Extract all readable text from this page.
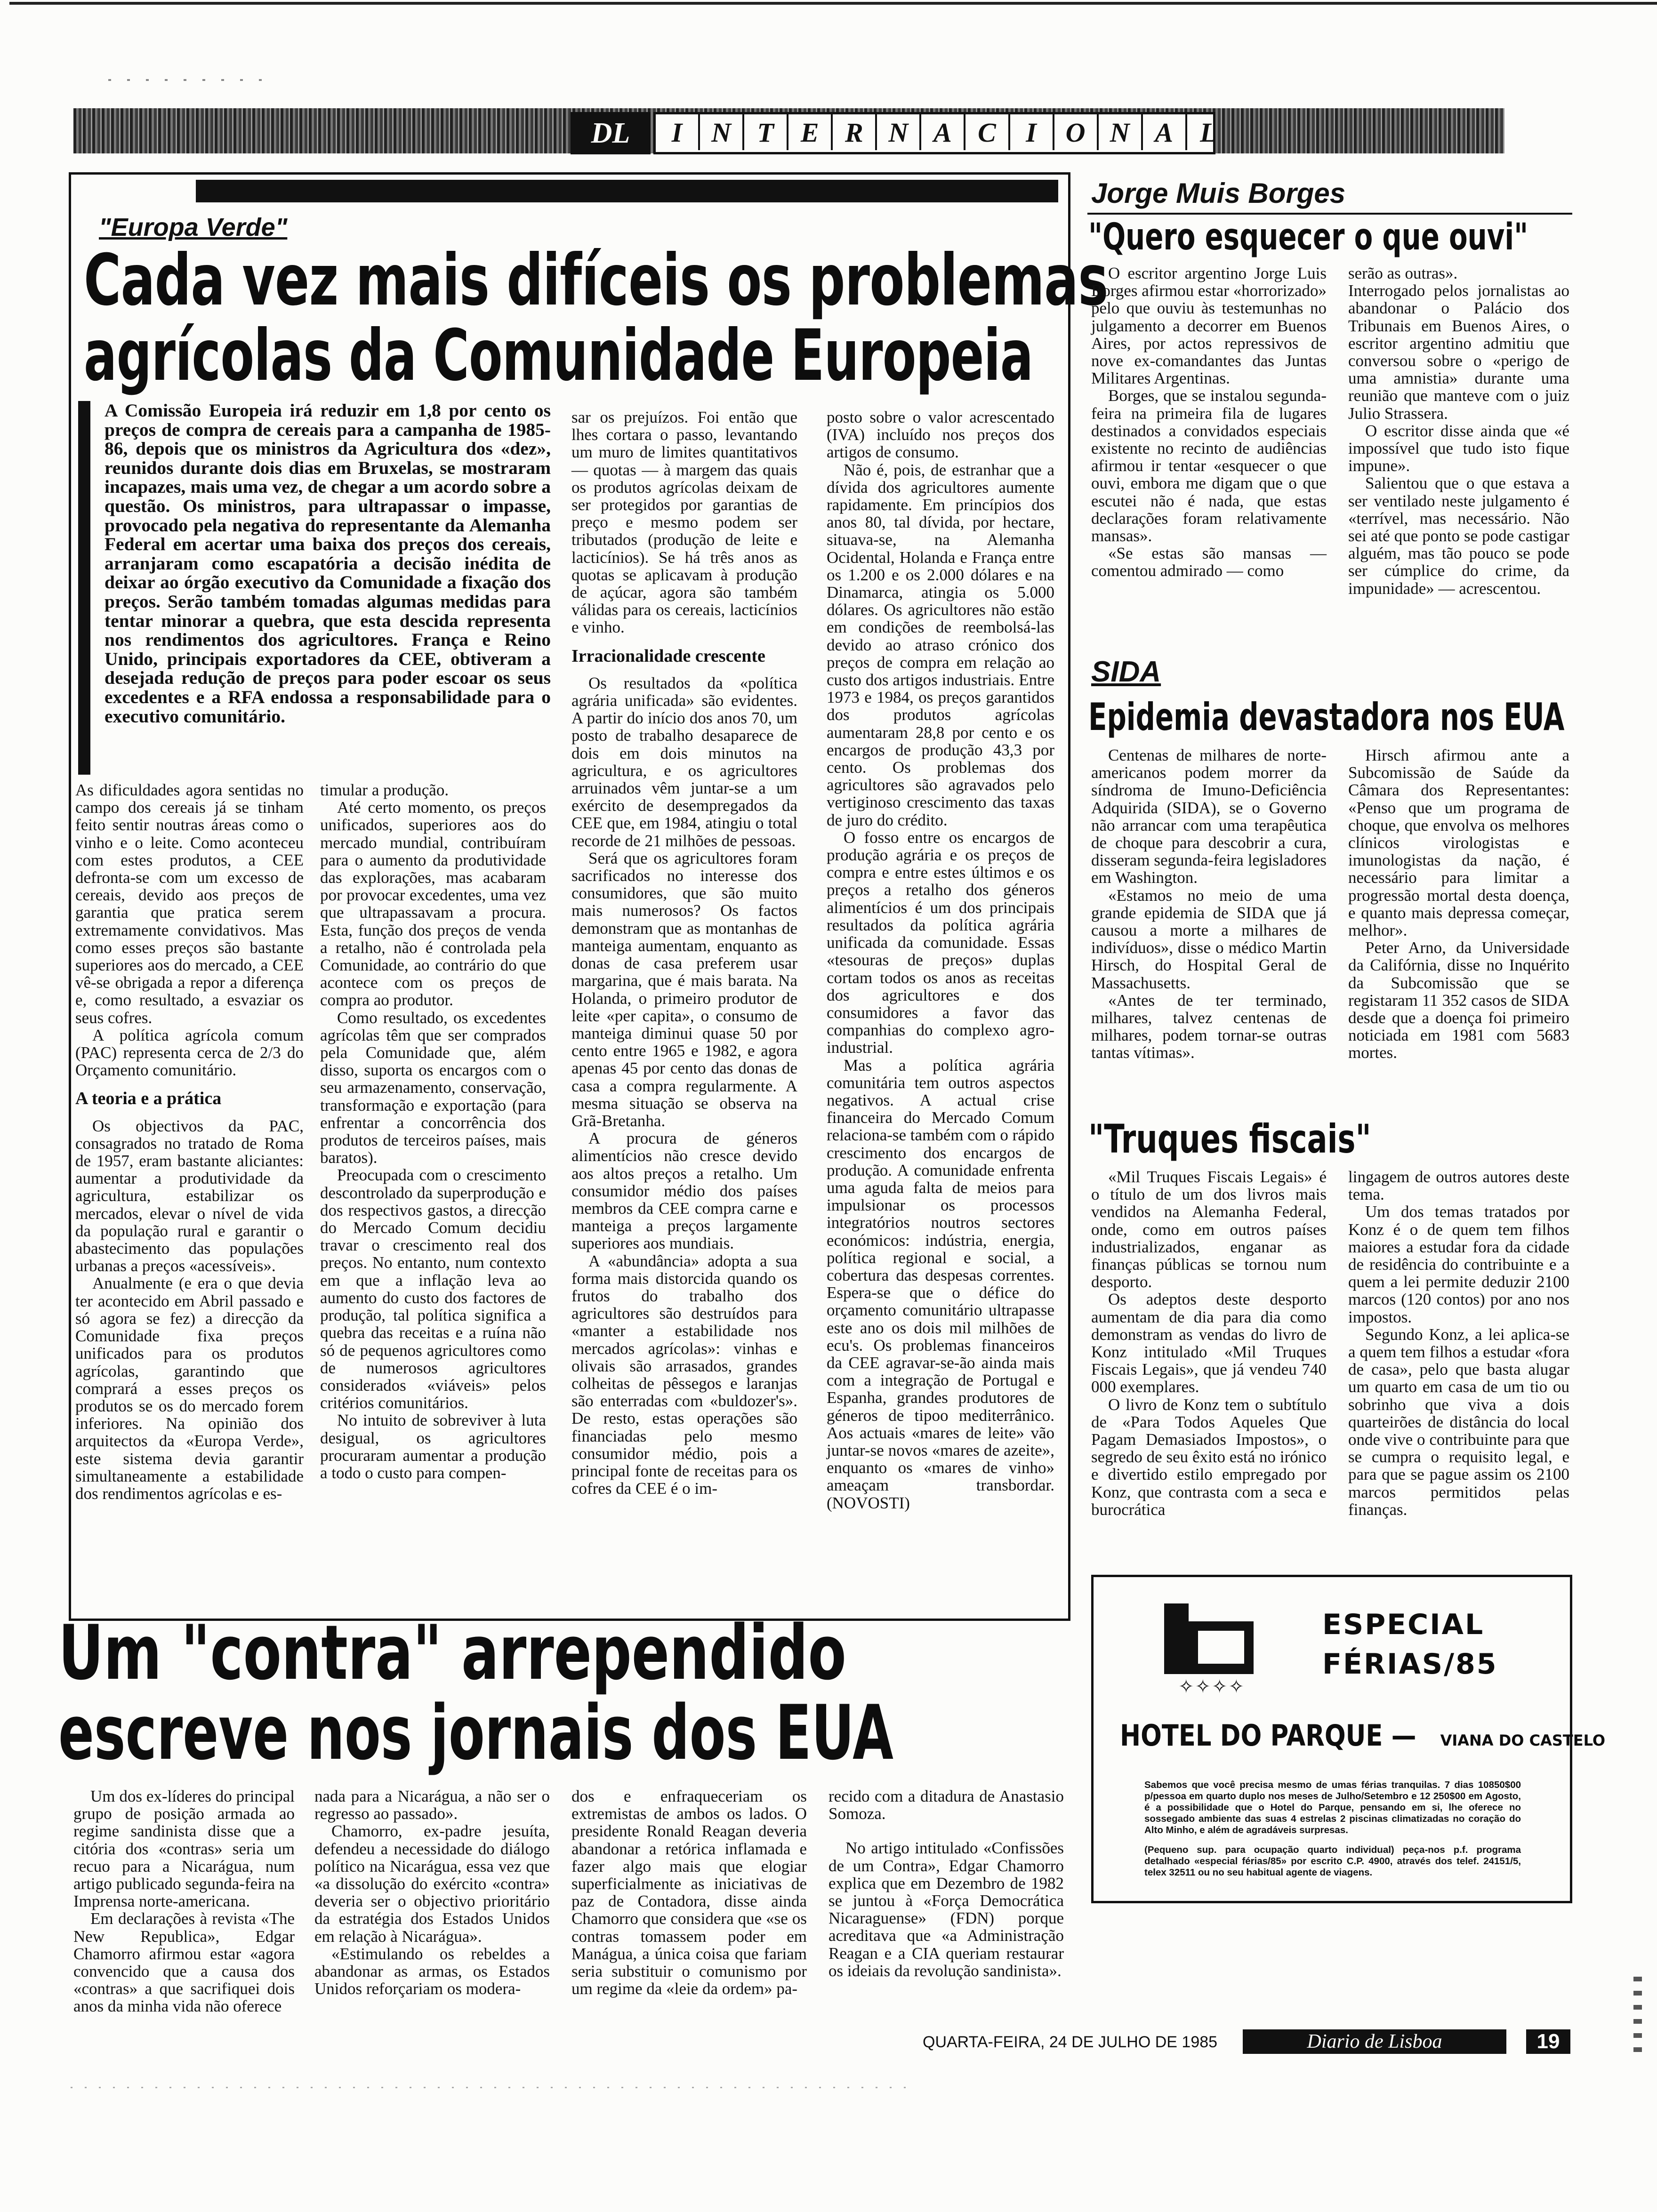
DL	I	N T E R N A C	I	O N A L
"Europa Verde"
Cada vez mais difíceis os problemas
agrícolas da Comunidade Europeia
A Comissão Europeia irá reduzir em 1,8 por cento os preços de compra de cereais para a campanha de 1985-86, depois que os ministros da Agricultura dos «dez», reunidos durante dois dias em Bruxelas, se mostraram incapazes, mais uma vez, de chegar a um acordo sobre a questão. Os ministros, para ultrapassar o impasse, provocado pela negativa do representante da Alemanha Federal em acertar uma baixa dos preços dos cereais, arranjaram como escapatória a decisão inédita de deixar ao órgão executivo da Comunidade a fixação dos preços. Serão também tomadas algumas medidas para tentar minorar a quebra, que esta descida representa nos rendimentos dos agricultores. França e Reino Unido, principais exportadores da CEE, obtiveram a desejada redução de preços para poder escoar os seus excedentes e a RFA endossa a responsabilidade para o executivo comunitário.

As dificuldades agora sentidas no campo dos cereais já se tinham feito sentir noutras áreas como o vinho e o leite. Como aconteceu com estes produtos, a CEE defronta-se com um excesso de cereais, devido aos preços de garantia que pratica serem extremamente convidativos. Mas como esses preços são bastante superiores aos do mercado, a CEE vê-se obrigada a repor a diferença e, como resultado, a esvaziar os seus cofres.

A política agrícola comum (PAC) representa cerca de 2/3 do Orçamento comunitário.

A teoria e a prática

Os objectivos da PAC, consagrados no tratado de Roma de 1957, eram bastante aliciantes: aumentar a produtividade da agricultura, estabilizar os mercados, elevar o nível de vida da população rural e garantir o abastecimento das populações urbanas a preços «acessíveis».

Anualmente (e era o que devia ter acontecido em Abril passado e só agora se fez) a direcção da Comunidade fixa preços unificados para os produtos agrícolas, garantindo que comprará a esses preços os produtos se os do mercado forem inferiores. Na opinião dos arquitectos da «Europa Verde», este sistema devia garantir simultaneamente a estabilidade dos rendimentos agrícolas e es-

timular a produção.

Até certo momento, os preços unificados, superiores aos do mercado mundial, contribuíram para o aumento da produtividade das explorações, mas acabaram por provocar excedentes, uma vez que ultrapassavam a procura. Esta, função dos preços de venda a retalho, não é controlada pela Comunidade, ao contrário do que acontece com os preços de compra ao produtor.

Como resultado, os excedentes agrícolas têm que ser comprados pela Comunidade que, além disso, suporta os encargos com o seu armazenamento, conservação, transformação e exportação (para enfrentar a concorrência dos produtos de terceiros países, mais baratos).

Preocupada com o crescimento descontrolado da superprodução e dos respectivos gastos, a direcção do Mercado Comum decidiu travar o crescimento real dos preços. No entanto, num contexto em que a inflação leva ao aumento do custo dos factores de produção, tal política significa a quebra das receitas e a ruína não só de pequenos agricultores como de numerosos agricultores considerados «viáveis» pelos critérios comunitários.

No intuito de sobreviver à luta desigual, os agricultores procuraram aumentar a produção a todo o custo para compen-

sar os prejuízos. Foi então que lhes cortara o passo, levantando um muro de limites quantitativos — quotas — à margem das quais os produtos agrícolas deixam de ser protegidos por garantias de preço e mesmo podem ser tributados (produção de leite e lacticínios). Se há três anos as quotas se aplicavam à produção de açúcar, agora são também válidas para os cereais, lacticínios e vinho.

Irracionalidade crescente

Os resultados da «política agrária unificada» são evidentes. A partir do início dos anos 70, um posto de trabalho desaparece de dois em dois minutos na agricultura, e os agricultores arruinados vêm juntar-se a um exército de desempregados da CEE que, em 1984, atingiu o total recorde de 21 milhões de pessoas.

Será que os agricultores foram sacrificados no interesse dos consumidores, que são muito mais numerosos? Os factos demonstram que as montanhas de manteiga aumentam, enquanto as donas de casa preferem usar margarina, que é mais barata. Na Holanda, o primeiro produtor de leite «per capita», o consumo de manteiga diminui quase 50 por cento entre 1965 e 1982, e agora apenas 45 por cento das donas de casa a compra regularmente. A mesma situação se observa na Grã-Bretanha.

A procura de géneros alimentícios não cresce devido aos altos preços a retalho. Um consumidor médio dos países membros da CEE compra carne e manteiga a preços largamente superiores aos mundiais.

A «abundância» adopta a sua forma mais distorcida quando os frutos do trabalho dos agricultores são destruídos para «manter a estabilidade nos mercados agrícolas»: vinhas e olivais são arrasados, grandes colheitas de pêssegos e laranjas são enterradas com «buldozer's». De resto, estas operações são financiadas pelo mesmo consumidor médio, pois a principal fonte de receitas para os cofres da CEE é o im-

posto sobre o valor acrescentado (IVA) incluído nos preços dos artigos de consumo.

Não é, pois, de estranhar que a dívida dos agricultores aumente rapidamente. Em princípios dos anos 80, tal dívida, por hectare, situava-se, na Alemanha Ocidental, Holanda e França entre os 1.200 e os 2.000 dólares e na Dinamarca, atingia os 5.000 dólares. Os agricultores não estão em condições de reembolsá-las devido ao atraso crónico dos preços de compra em relação ao custo dos artigos industriais. Entre 1973 e 1984, os preços garantidos dos produtos agrícolas aumentaram 28,8 por cento e os encargos de produção 43,3 por cento. Os problemas dos agricultores são agravados pelo vertiginoso crescimento das taxas de juro do crédito.

O fosso entre os encargos de produção agrária e os preços de compra e entre estes últimos e os preços a retalho dos géneros alimentícios é um dos principais resultados da política agrária unificada da comunidade. Essas «tesouras de preços» duplas cortam todos os anos as receitas dos agricultores e dos consumidores a favor das companhias do complexo agro-industrial.

Mas a política agrária comunitária tem outros aspectos negativos. A actual crise financeira do Mercado Comum relaciona-se também com o rápido crescimento dos encargos de produção. A comunidade enfrenta uma aguda falta de meios para impulsionar os processos integratórios noutros sectores económicos: indústria, energia, política regional e social, a cobertura das despesas correntes. Espera-se que o défice do orçamento comunitário ultrapasse este ano os dois mil milhões de ecu's. Os problemas financeiros da CEE agravar-se-ão ainda mais com a integração de Portugal e Espanha, grandes produtores de géneros de tipoo mediterrânico. Aos actuais «mares de leite» vão juntar-se novos «mares de azeite», enquanto os «mares de vinho» ameaçam transbordar. (NOVOSTI)

Jorge Muis Borges
"Quero esquecer o que ouvi"

O escritor argentino Jorge Luis Borges afirmou estar «horrorizado» pelo que ouviu às testemunhas no julgamento a decorrer em Buenos Aires, por actos repressivos de nove ex-comandantes das Juntas Militares Argentinas.

Borges, que se instalou segunda-feira na primeira fila de lugares destinados a convidados especiais existente no recinto de audiências afirmou ir tentar «esquecer o que ouvi, embora me digam que o que escutei não é nada, que estas declarações foram relativamente mansas».

«Se estas são mansas — comentou admirado — como

serão as outras».

Interrogado pelos jornalistas ao abandonar o Palácio dos Tribunais em Buenos Aires, o escritor argentino admitiu que conversou sobre o «perigo de uma amnistia» durante uma reunião que manteve com o juiz Julio Strassera.

O escritor disse ainda que «é impossível que tudo isto fique impune».

Salientou que o que estava a ser ventilado neste julgamento é «terrível, mas necessário. Não sei até que ponto se pode castigar alguém, mas tão pouco se pode ser cúmplice do crime, da impunidade» — acrescentou.

SIDA
Epidemia devastadora nos EUA

Centenas de milhares de norte-americanos podem morrer da síndroma de Imuno-Deficiência Adquirida (SIDA), se o Governo não arrancar com uma terapêutica de choque para descobrir a cura, disseram segunda-feira legisladores em Washington.

«Estamos no meio de uma grande epidemia de SIDA que já causou a morte a milhares de indivíduos», disse o médico Martin Hirsch, do Hospital Geral de Massachusetts.

«Antes de ter terminado, milhares, talvez centenas de milhares, podem tornar-se outras tantas vítimas».

Hirsch afirmou ante a Subcomissão de Saúde da Câmara dos Representantes: «Penso que um programa de choque, que envolva os melhores clínicos virologistas e imunologistas da nação, é necessário para limitar a progressão mortal desta doença, e quanto mais depressa começar, melhor».

Peter Arno, da Universidade da Califórnia, disse no Inquérito da Subcomissão que se registaram 11 352 casos de SIDA desde que a doença foi primeiro noticiada em 1981 com 5683 mortes.

"Truques fiscais"

«Mil Truques Fiscais Legais» é o título de um dos livros mais vendidos na Alemanha Federal, onde, como em outros países industrializados, enganar as finanças públicas se tornou num desporto.

Os adeptos deste desporto aumentam de dia para dia como demonstram as vendas do livro de Konz intitulado «Mil Truques Fiscais Legais», que já vendeu 740 000 exemplares.

O livro de Konz tem o subtítulo de «Para Todos Aqueles Que Pagam Demasiados Impostos», o segredo de seu êxito está no irónico e divertido estilo empregado por Konz, que contrasta com a seca e burocrática

lingagem de outros autores deste tema.

Um dos temas tratados por Konz é o de quem tem filhos maiores a estudar fora da cidade de residência do contribuinte e a quem a lei permite deduzir 2100 marcos (120 contos) por ano nos impostos.

Segundo Konz, a lei aplica-se a quem tem filhos a estudar «fora de casa», pelo que basta alugar um quarto em casa de um tio ou sobrinho que viva a dois quarteirões de distância do local onde vive o contribuinte para que se cumpra o requisito legal, e para que se pague assim os 2100 marcos permitidos pelas finanças.

Um "contra" arrependido
escreve nos jornais dos EUA

Um dos ex-líderes do principal grupo de posição armada ao regime sandinista disse que a citória dos «contras» seria um recuo para a Nicarágua, num artigo publicado segunda-feira na Imprensa norte-americana.

Em declarações à revista «The New Republica», Edgar Chamorro afirmou estar «agora convencido que a causa dos «contras» a que sacrifiquei dois anos da minha vida não oferece

nada para a Nicarágua, a não ser o regresso ao passado».

Chamorro, ex-padre jesuíta, defendeu a necessidade do diálogo político na Nicarágua, essa vez que «a dissolução do exército «contra» deveria ser o objectivo prioritário da estratégia dos Estados Unidos em relação à Nicarágua».

«Estimulando os rebeldes a abandonar as armas, os Estados Unidos reforçariam os modera-

dos e enfraqueceriam os extremistas de ambos os lados. O presidente Ronald Reagan deveria abandonar a retórica inflamada e fazer algo mais que elogiar superficialmente as iniciativas de paz de Contadora, disse ainda Chamorro que considera que «se os contras tomassem poder em Manágua, a única coisa que fariam seria substituir o comunismo por um regime da «leie da ordem» pa-

recido com a ditadura de Anastasio Somoza.

No artigo intitulado «Confissões de um Contra», Edgar Chamorro explica que em Dezembro de 1982 se juntou à «Força Democrática Nicaraguense» (FDN) porque acreditava que «a Administração Reagan e a CIA queriam restaurar os ideiais da revolução sandinista».

✧✧✧✧
ESPECIAL
FÉRIAS/85
HOTEL DO PARQUE — VIANA DO CASTELO
Sabemos que você precisa mesmo de umas férias tranquilas. 7 dias 10850$00 p/pessoa em quarto duplo nos meses de Julho/Setembro e 12 250$00 em Agosto, é a possibilidade que o Hotel do Parque, pensando em si, lhe oferece no sossegado ambiente das suas 4 estrelas 2 piscinas climatizadas no coração do Alto Minho, e além de agradáveis surpresas.
(Pequeno sup. para ocupação quarto individual) peça-nos p.f. programa detalhado «especial férias/85» por escrito C.P. 4900, através dos telef. 24151/5, telex 32511 ou no seu habitual agente de viagens.
QUARTA-FEIRA, 24 DE JULHO DE 1985	Diario de Lisboa	19
